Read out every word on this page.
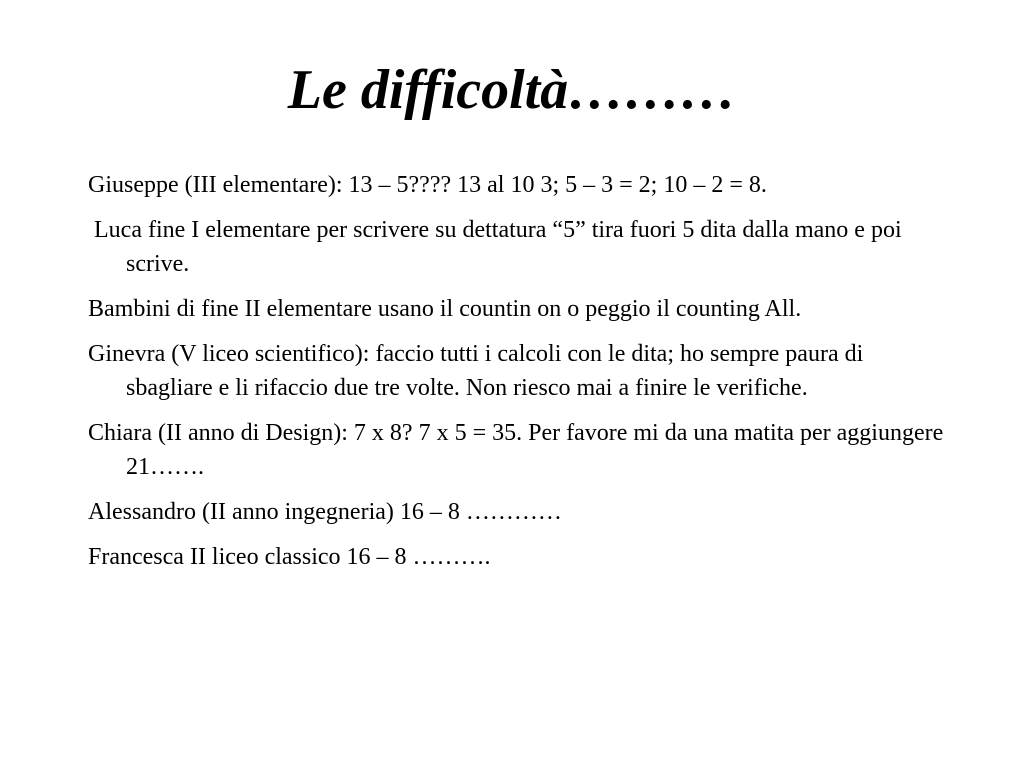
Le difficoltà………
Giuseppe (III elementare): 13 – 5???? 13 al 10 3; 5 – 3 = 2; 10 – 2 = 8.
Luca fine I elementare per scrivere su dettatura “5” tira fuori 5 dita dalla mano e poi scrive.
Bambini di fine II elementare usano il countin on o peggio il counting All.
Ginevra (V liceo scientifico): faccio tutti i calcoli con le dita; ho sempre paura di sbagliare e li rifaccio due tre volte. Non riesco mai a finire le verifiche.
Chiara (II anno di Design): 7 x 8? 7 x 5 = 35. Per favore mi da una matita per aggiungere 21…….
Alessandro (II anno ingegneria) 16 – 8 …………
Francesca II liceo classico 16 – 8 ……….
